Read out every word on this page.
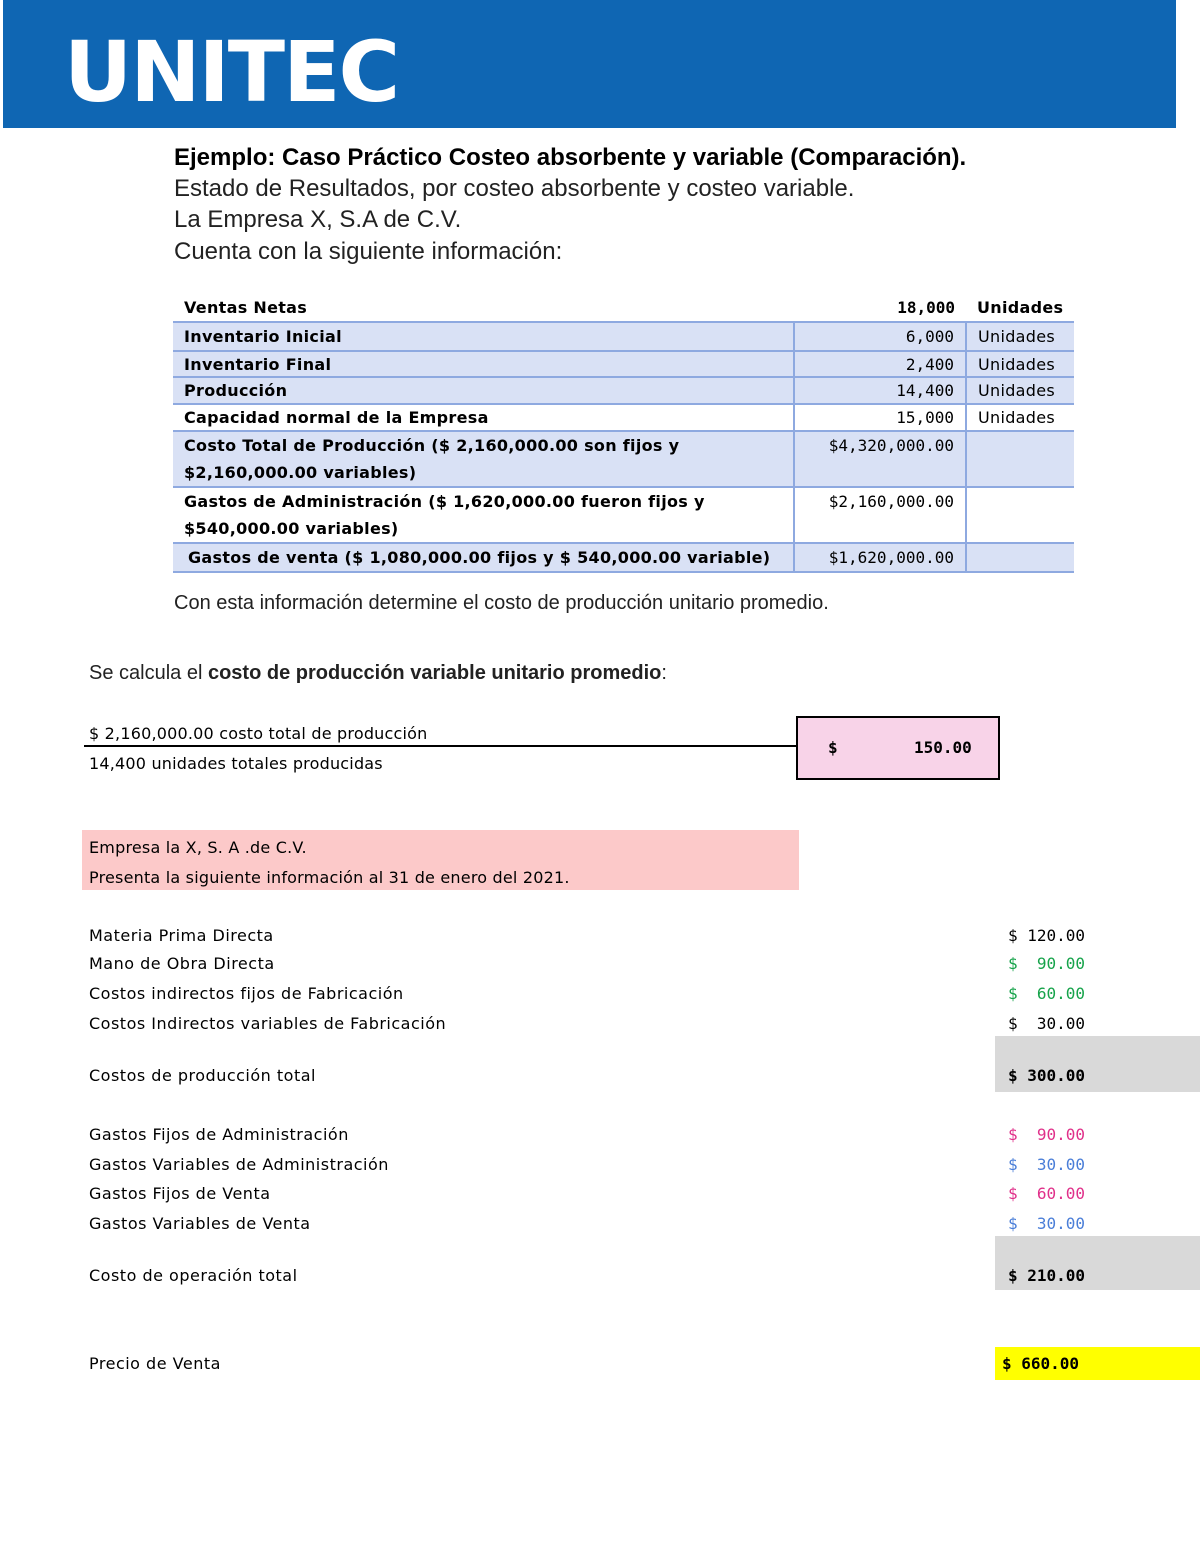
UNITEC
Ejemplo: Caso Práctico Costeo absorbente y variable (Comparación).
Estado de Resultados, por costeo absorbente y costeo variable.
La Empresa X, S.A de C.V.
Cuenta con la siguiente información:
Ventas Netas	18,000	Unidades
Inventario Inicial	6,000	Unidades
Inventario Final	2,400	Unidades
Producción	14,400	Unidades
Capacidad normal de la Empresa	15,000	Unidades

Costo Total de Producción ($ 2,160,000.00 son fijos y
$2,160,000.00 variables)	$4,320,000.00	

Gastos de Administración ($ 1,620,000.00 fueron fijos y
$540,000.00 variables)	$2,160,000.00	
Gastos de venta ($ 1,080,000.00 fijos y $ 540,000.00 variable)	$1,620,000.00	
Con esta información determine el costo de producción unitario promedio.
Se calcula el costo de producción variable unitario promedio:
$ 2,160,000.00 costo total de producción
14,400 unidades totales producidas
$	150.00
Empresa la X, S. A .de C.V.
Presenta la siguiente información al 31 de enero del 2021.
Materia Prima Directa	$ 120.00
Mano de Obra Directa	$  90.00
Costos indirectos fijos de Fabricación	$  60.00
Costos Indirectos variables de Fabricación	$  30.00
Costos de producción total	$ 300.00
Gastos Fijos de Administración	$  90.00
Gastos Variables de Administración	$  30.00
Gastos Fijos de Venta	$  60.00
Gastos Variables de Venta	$  30.00
Costo de operación total	$ 210.00
Precio de Venta	$ 660.00
